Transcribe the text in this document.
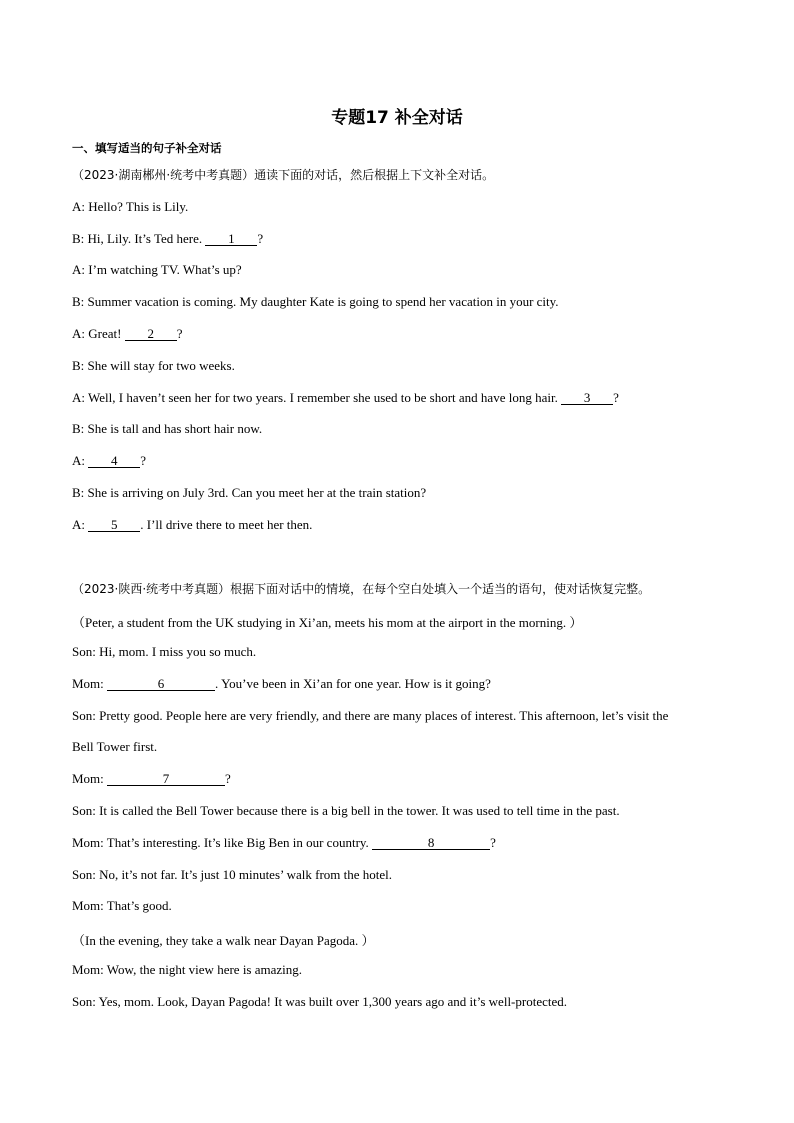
专题17 补全对话
一、填写适当的句子补全对话
（2023·湖南郴州·统考中考真题）通读下面的对话，然后根据上下文补全对话。
A: Hello? This is Lily.
B: Hi, Lily. It’s Ted here. 1 ?
A: I’m watching TV. What’s up?
B: Summer vacation is coming. My daughter Kate is going to spend her vacation in your city.
A: Great! 2 ?
B: She will stay for two weeks.
A: Well, I haven’t seen her for two years. I remember she used to be short and have long hair. 3 ?
B: She is tall and has short hair now.
A: 4 ?
B: She is arriving on July 3rd. Can you meet her at the train station?
A: 5 . I’ll drive there to meet her then.
（2023·陕西·统考中考真题）根据下面对话中的情境，在每个空白处填入一个适当的语句，使对话恢复完整。
（Peter, a student from the UK studying in Xi’an, meets his mom at the airport in the morning. ）
Son: Hi, mom. I miss you so much.
Mom:	6	. You’ve been in Xi’an for one year. How is it going?
Son: Pretty good. People here are very friendly, and there are many places of interest. This afternoon, let’s visit the
Bell Tower first.
Mom:	7	?
Son: It is called the Bell Tower because there is a big bell in the tower. It was used to tell time in the past.
Mom: That’s interesting. It’s like Big Ben in our country.	8	?
Son: No, it’s not far. It’s just 10 minutes’ walk from the hotel.
Mom: That’s good.
（In the evening, they take a walk near Dayan Pagoda. ）
Mom: Wow, the night view here is amazing.
Son: Yes, mom. Look, Dayan Pagoda! It was built over 1,300 years ago and it’s well-protected.
